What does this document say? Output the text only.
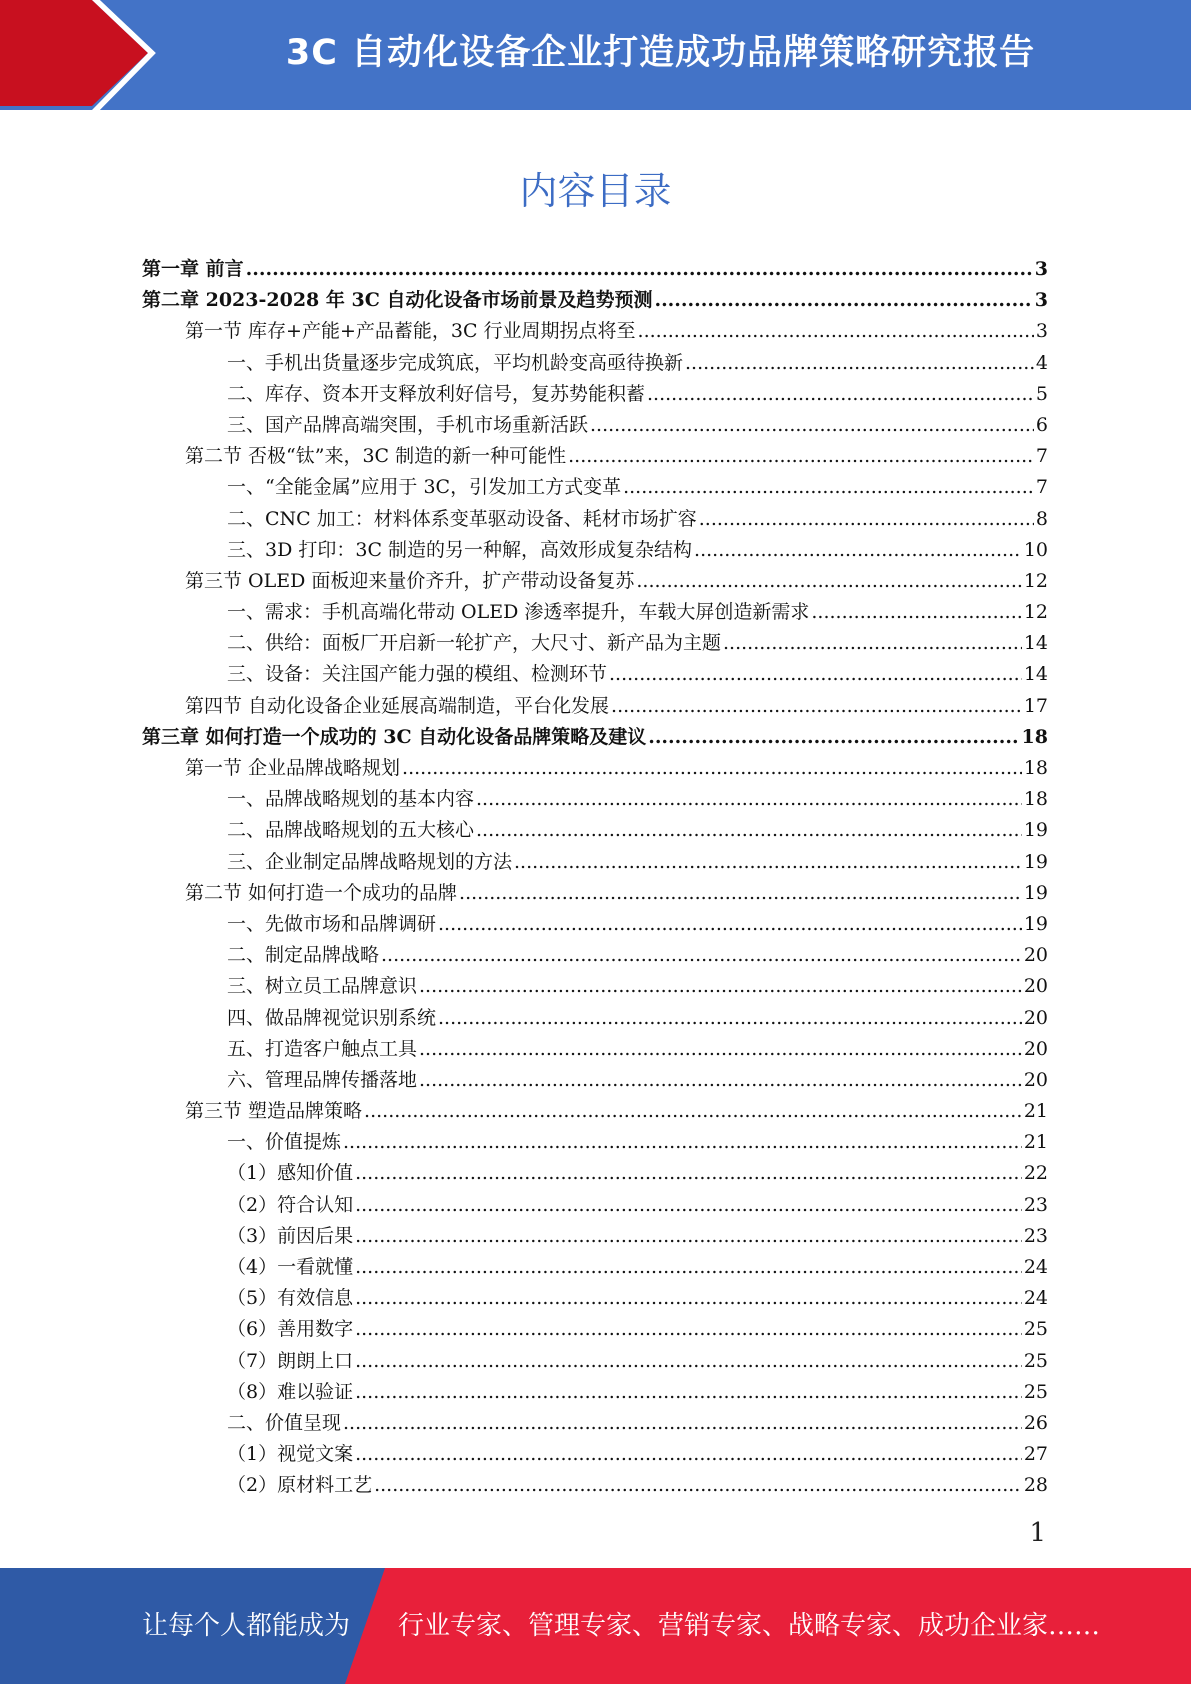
3C 自动化设备企业打造成功品牌策略研究报告
内容目录
第一章 前言 .....	3
第二章 2023-2028 年 3C 自动化设备市场前景及趋势预测 .....	3
第一节 库存+产能+产品蓄能，3C 行业周期拐点将至 .....	3
一、手机出货量逐步完成筑底，平均机龄变高亟待换新 .....	4
二、库存、资本开支释放利好信号，复苏势能积蓄 .....	5
三、国产品牌高端突围，手机市场重新活跃 .....	6
第二节 否极“钛”来，3C 制造的新一种可能性 .....	7
一、“全能金属”应用于 3C，引发加工方式变革 .....	7
二、CNC 加工：材料体系变革驱动设备、耗材市场扩容 .....	8
三、3D 打印：3C 制造的另一种解，高效形成复杂结构 .....	10
第三节 OLED 面板迎来量价齐升，扩产带动设备复苏 .....	12
一、需求：手机高端化带动 OLED 渗透率提升，车载大屏创造新需求 .....	12
二、供给：面板厂开启新一轮扩产，大尺寸、新产品为主题 .....	14
三、设备：关注国产能力强的模组、检测环节 .....	14
第四节 自动化设备企业延展高端制造，平台化发展 .....	17
第三章 如何打造一个成功的 3C 自动化设备品牌策略及建议 .....	18
第一节 企业品牌战略规划 .....	18
一、品牌战略规划的基本内容 .....	18
二、品牌战略规划的五大核心 .....	19
三、企业制定品牌战略规划的方法 .....	19
第二节 如何打造一个成功的品牌 .....	19
一、先做市场和品牌调研 .....	19
二、制定品牌战略 .....	20
三、树立员工品牌意识 .....	20
四、做品牌视觉识别系统 .....	20
五、打造客户触点工具 .....	20
六、管理品牌传播落地 .....	20
第三节 塑造品牌策略 .....	21
一、价值提炼 .....	21
（1）感知价值 .....	22
（2）符合认知 .....	23
（3）前因后果 .....	23
（4）一看就懂 .....	24
（5）有效信息 .....	24
（6）善用数字 .....	25
（7）朗朗上口 .....	25
（8）难以验证 .....	25
二、价值呈现 .....	26
（1）视觉文案 .....	27
（2）原材料工艺 .....	28
1
让每个人都能成为 行业专家、管理专家、营销专家、战略专家、成功企业家……
